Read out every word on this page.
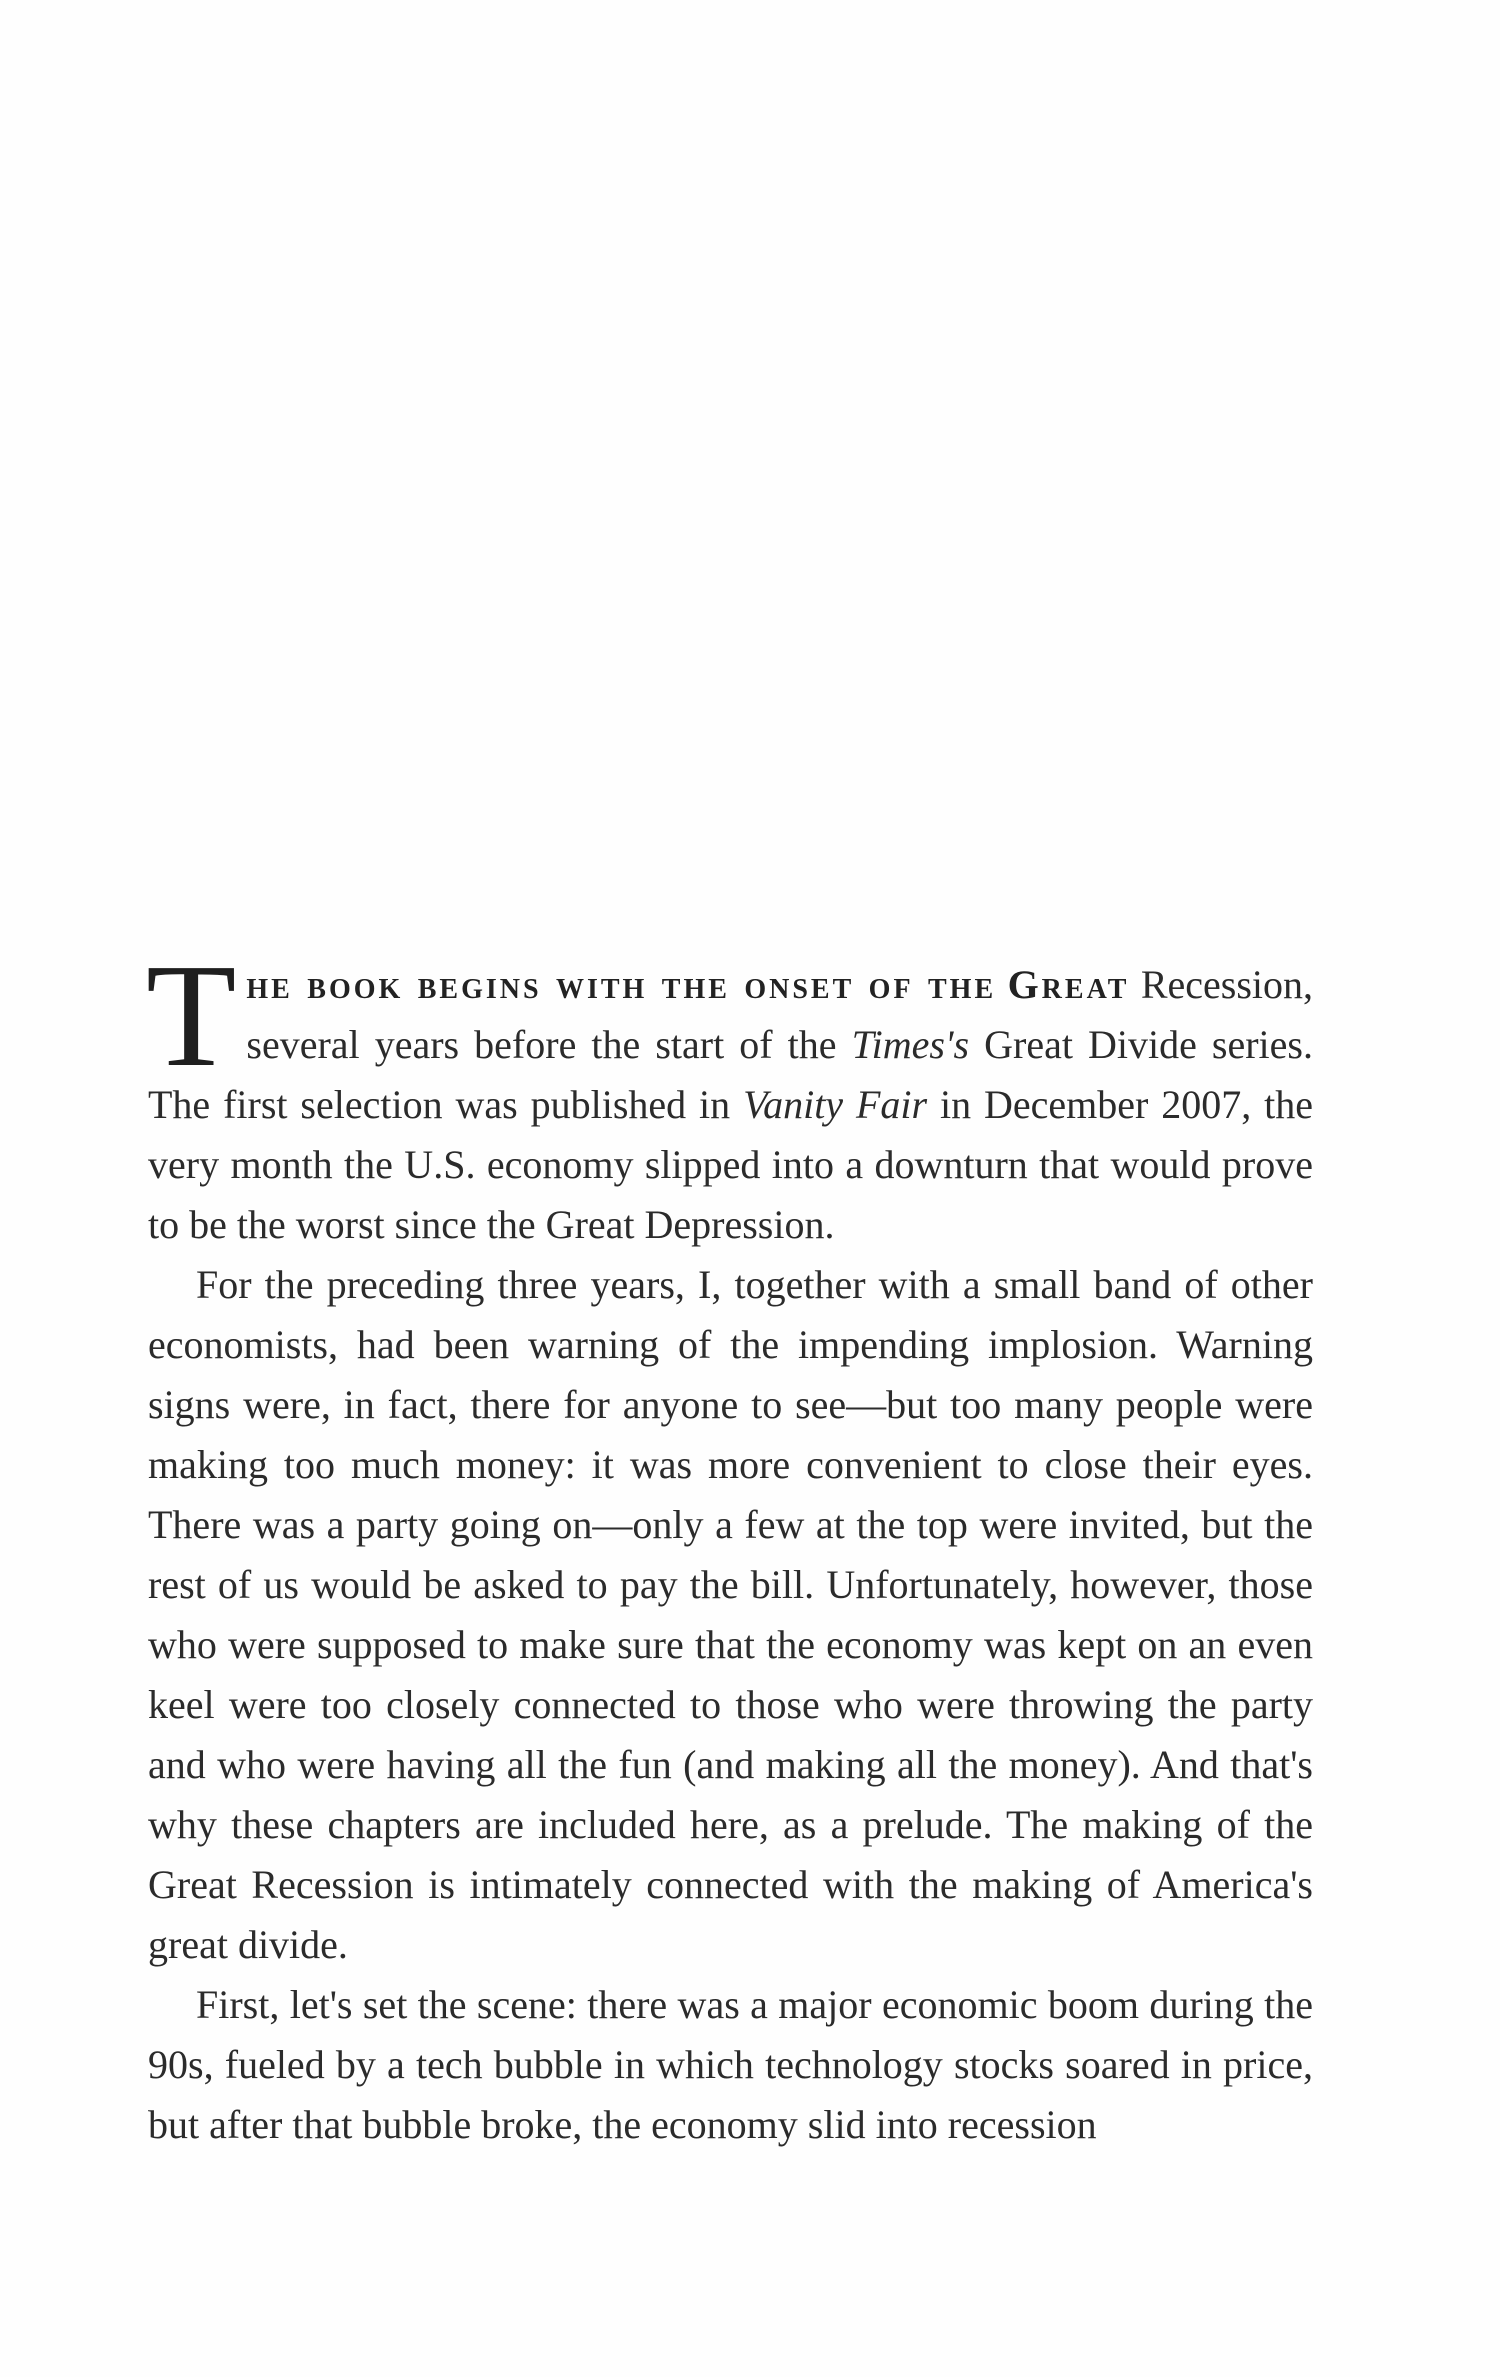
The book begins with the onset of the Great Recession, several years before the start of the Times's Great Divide series. The first selection was published in Vanity Fair in December 2007, the very month the U.S. economy slipped into a downturn that would prove to be the worst since the Great Depression.

For the preceding three years, I, together with a small band of other economists, had been warning of the impending implosion. Warning signs were, in fact, there for anyone to see—but too many people were making too much money: it was more convenient to close their eyes. There was a party going on—only a few at the top were invited, but the rest of us would be asked to pay the bill. Unfortunately, however, those who were supposed to make sure that the economy was kept on an even keel were too closely connected to those who were throwing the party and who were having all the fun (and making all the money). And that's why these chapters are included here, as a prelude. The making of the Great Recession is intimately connected with the making of America's great divide.

First, let's set the scene: there was a major economic boom during the 90s, fueled by a tech bubble in which technology stocks soared in price, but after that bubble broke, the economy slid into recession
